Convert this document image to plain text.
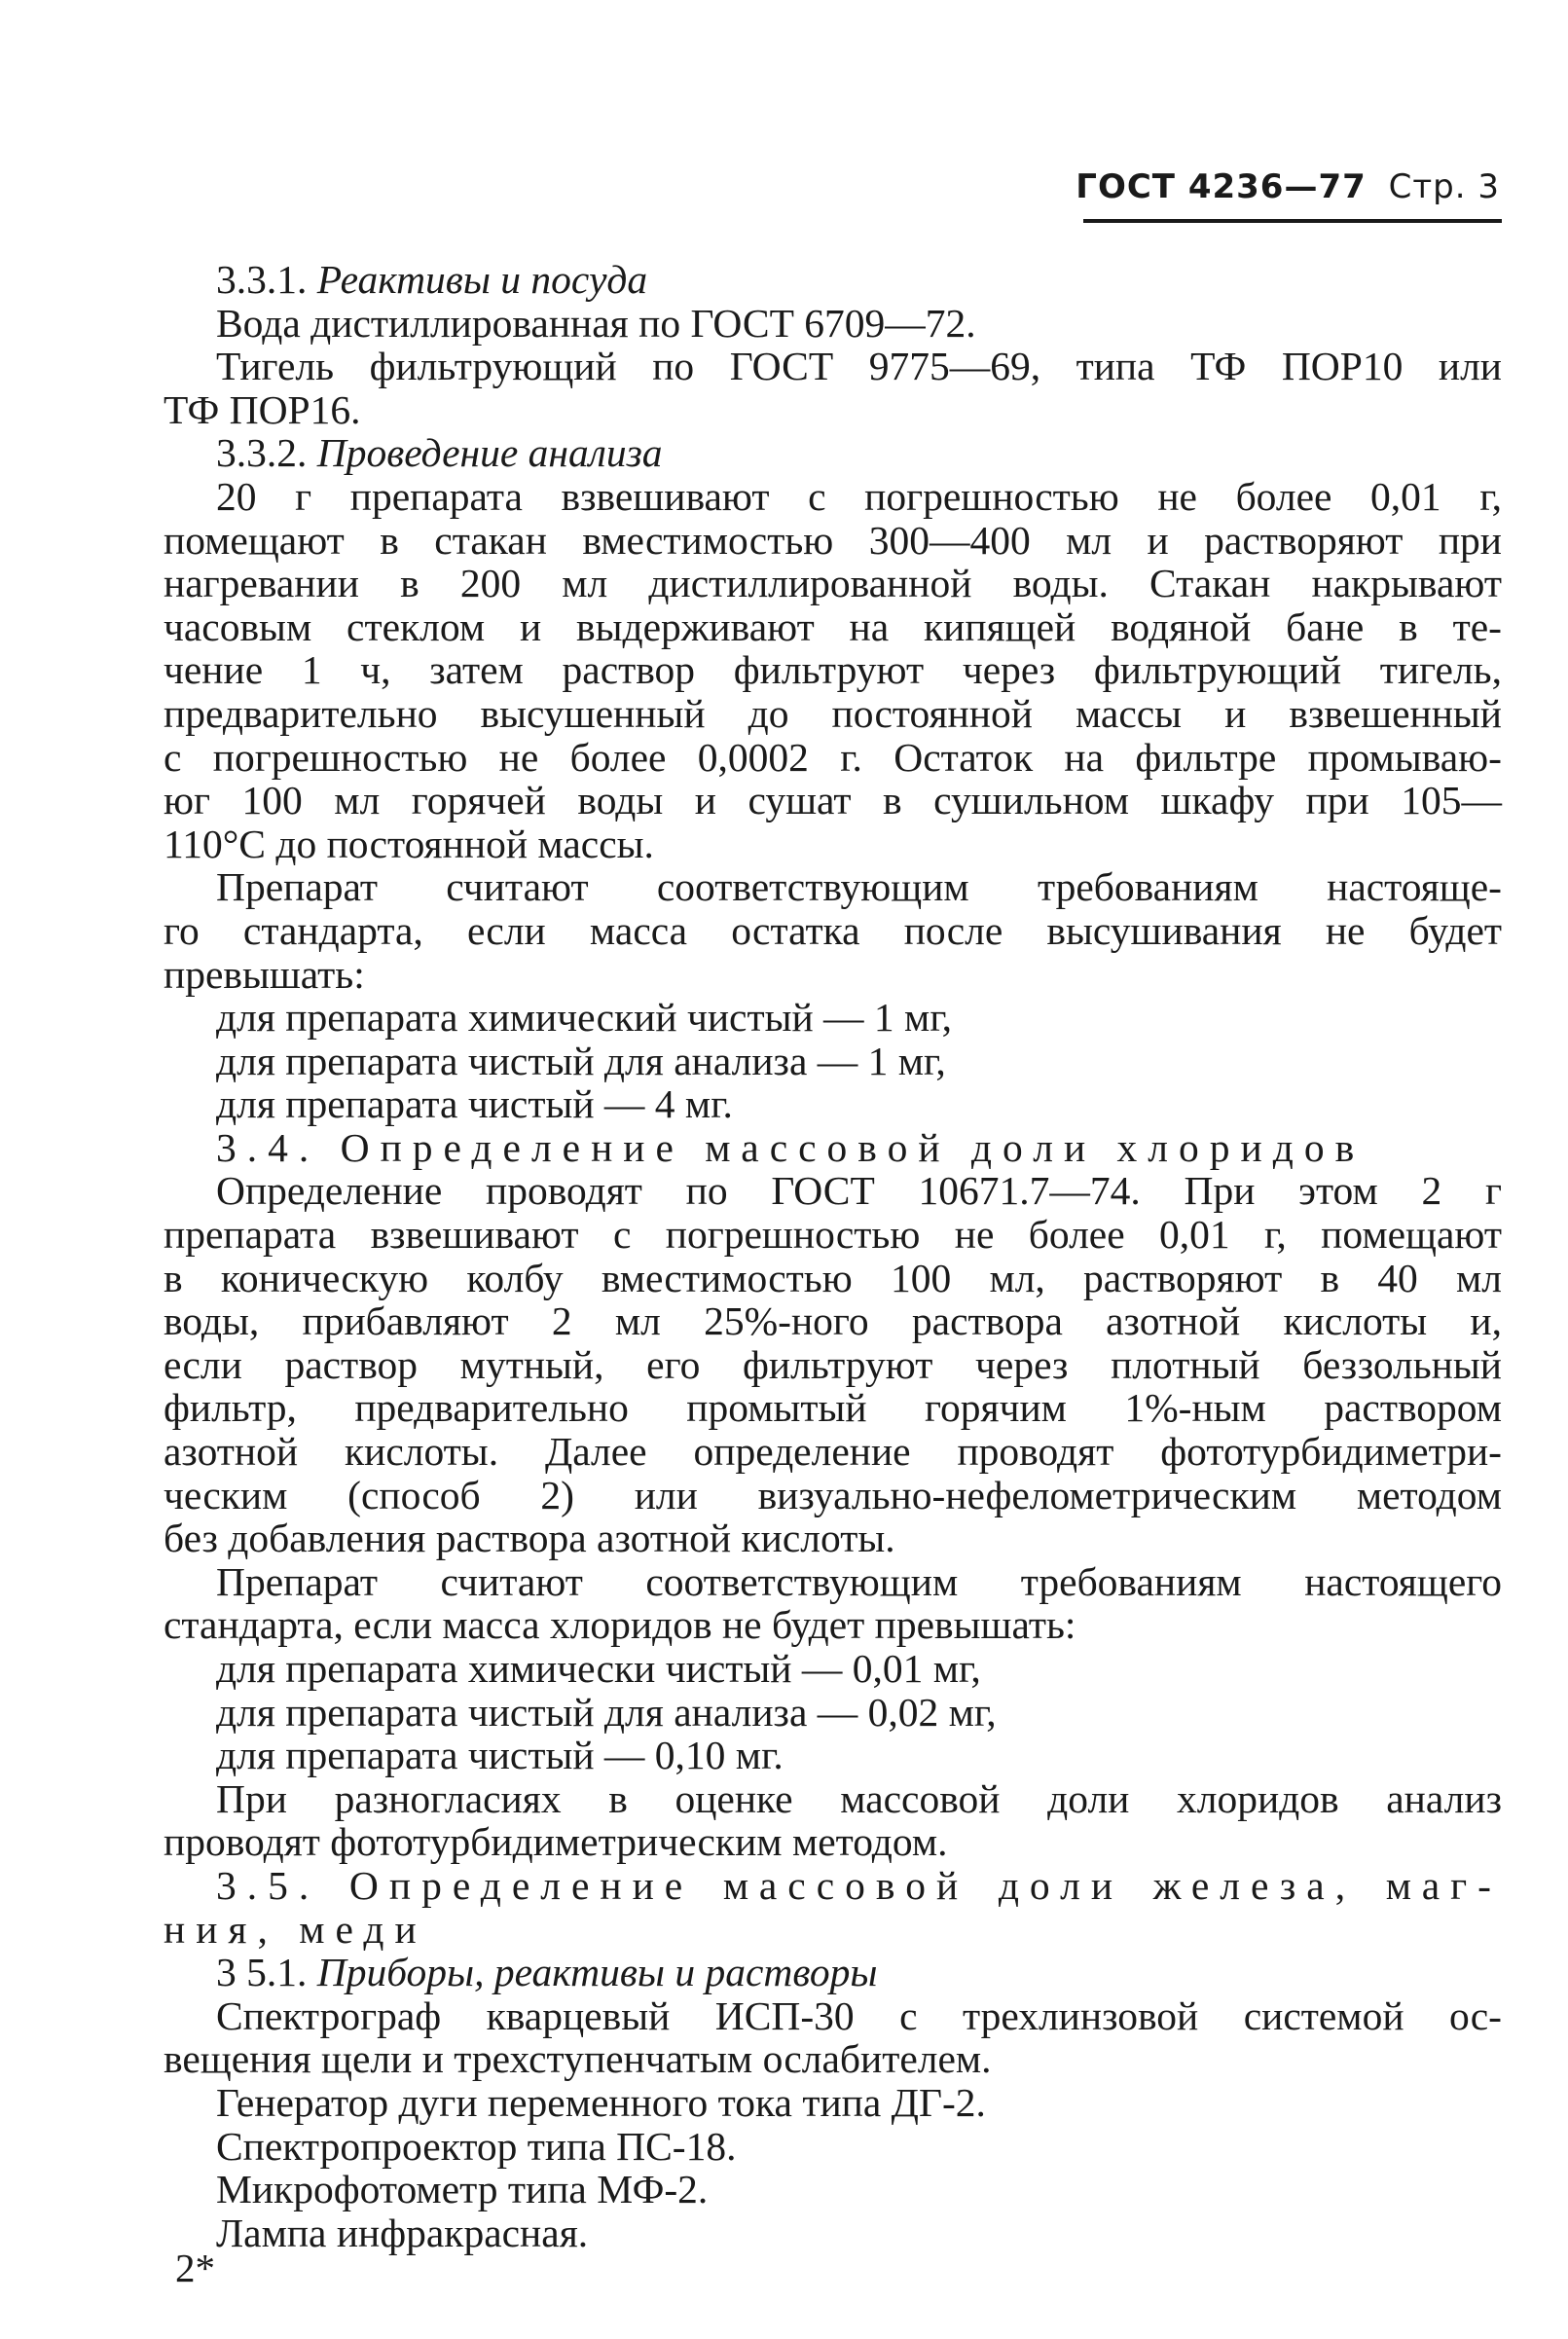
ГОСТ 4236—77 Стр. 3
3.3.1. Реактивы и посуда
Вода дистиллированная по ГОСТ 6709—72.
Тигель фильтрующий по ГОСТ 9775—69, типа ТФ ПОР10 или
ТФ ПОР16.
3.3.2. Проведение анализа
20 г препарата взвешивают с погрешностью не более 0,01 г,
помещают в стакан вместимостью 300—400 мл и растворяют при
нагревании в 200 мл дистиллированной воды. Стакан накрывают
часовым стеклом и выдерживают на кипящей водяной бане в те-
чение 1 ч, затем раствор фильтруют через фильтрующий тигель,
предварительно высушенный до постоянной массы и взвешенный
с погрешностью не более 0,0002 г. Остаток на фильтре промываю-
юг 100 мл горячей воды и сушат в сушильном шкафу при 105—
110°С до постоянной массы.
Препарат считают соответствующим требованиям настояще-
го стандарта, если масса остатка после высушивания не будет
превышать:
для препарата химический чистый — 1 мг,
для препарата чистый для анализа — 1 мг,
для препарата чистый — 4 мг.
3.4. Определение массовой доли хлоридов
Определение проводят по ГОСТ 10671.7—74. При этом 2 г
препарата взвешивают с погрешностью не более 0,01 г, помещают
в коническую колбу вместимостью 100 мл, растворяют в 40 мл
воды, прибавляют 2 мл 25%-ного раствора азотной кислоты и,
если раствор мутный, его фильтруют через плотный беззольный
фильтр, предварительно промытый горячим 1%-ным раствором
азотной кислоты. Далее определение проводят фототурбидиметри-
ческим (способ 2) или визуально-нефелометрическим методом
без добавления раствора азотной кислоты.
Препарат считают соответствующим требованиям настоящего
стандарта, если масса хлоридов не будет превышать:
для препарата химически чистый — 0,01 мг,
для препарата чистый для анализа — 0,02 мг,
для препарата чистый — 0,10 мг.
При разногласиях в оценке массовой доли хлоридов анализ
проводят фототурбидиметрическим методом.
3.5. Определение массовой доли железа, маг-
ния, меди
3 5.1. Приборы, реактивы и растворы
Спектрограф кварцевый ИСП-30 с трехлинзовой системой ос-
вещения щели и трехступенчатым ослабителем.
Генератор дуги переменного тока типа ДГ-2.
Спектропроектор типа ПС-18.
Микрофотометр типа МФ-2.
Лампа инфракрасная.
2*
